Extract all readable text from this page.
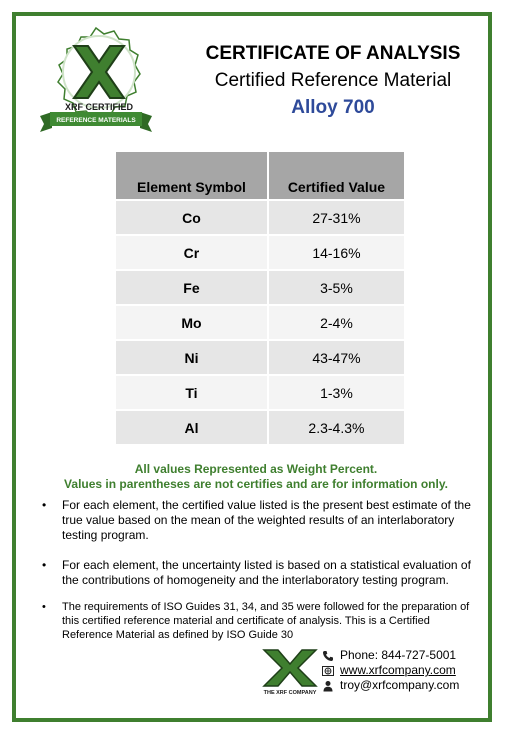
XRF CERTIFIED
REFERENCE MATERIALS
CERTIFICATE OF ANALYSIS
Certified Reference Material
Alloy 700
Element Symbol	Certified Value
Co	27-31%
Cr	14-16%
Fe	3-5%
Mo	2-4%
Ni	43-47%
Ti	1-3%
Al	2.3-4.3%
All values Represented as Weight Percent.
Values in parentheses are not certifies and are for information only.
• For each element, the certified value listed is the present best estimate of the true value based on the mean of the weighted results of an interlaboratory testing program.
• For each element, the uncertainty listed is based on a statistical evaluation of the contributions of homogeneity and the interlaboratory testing program.
• The requirements of ISO Guides 31, 34, and 35 were followed for the preparation of this certified reference material and certificate of analysis. This is a Certified Reference Material as defined by ISO Guide 30
THE XRF COMPANY
Phone: 844-727-5001
www.xrfcompany.com
troy@xrfcompany.com
